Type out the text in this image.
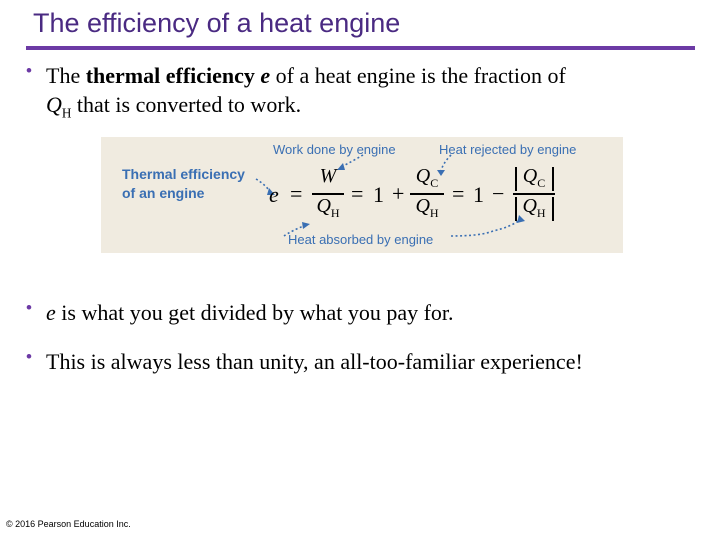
The efficiency of a heat engine
• The thermal efficiency e of a heat engine is the fraction of
$Q_H$ that is converted to work.
Thermal efficiency
of an engine
Work done by engine	Heat rejected by engine
Heat absorbed by engine
e =
W
$Q_H$
= 1 +
$Q_C$
$Q_H$
= 1 −
$Q_C$
$Q_H$
• e is what you get divided by what you pay for.
• This is always less than unity, an all-too-familiar experience!
© 2016 Pearson Education Inc.
